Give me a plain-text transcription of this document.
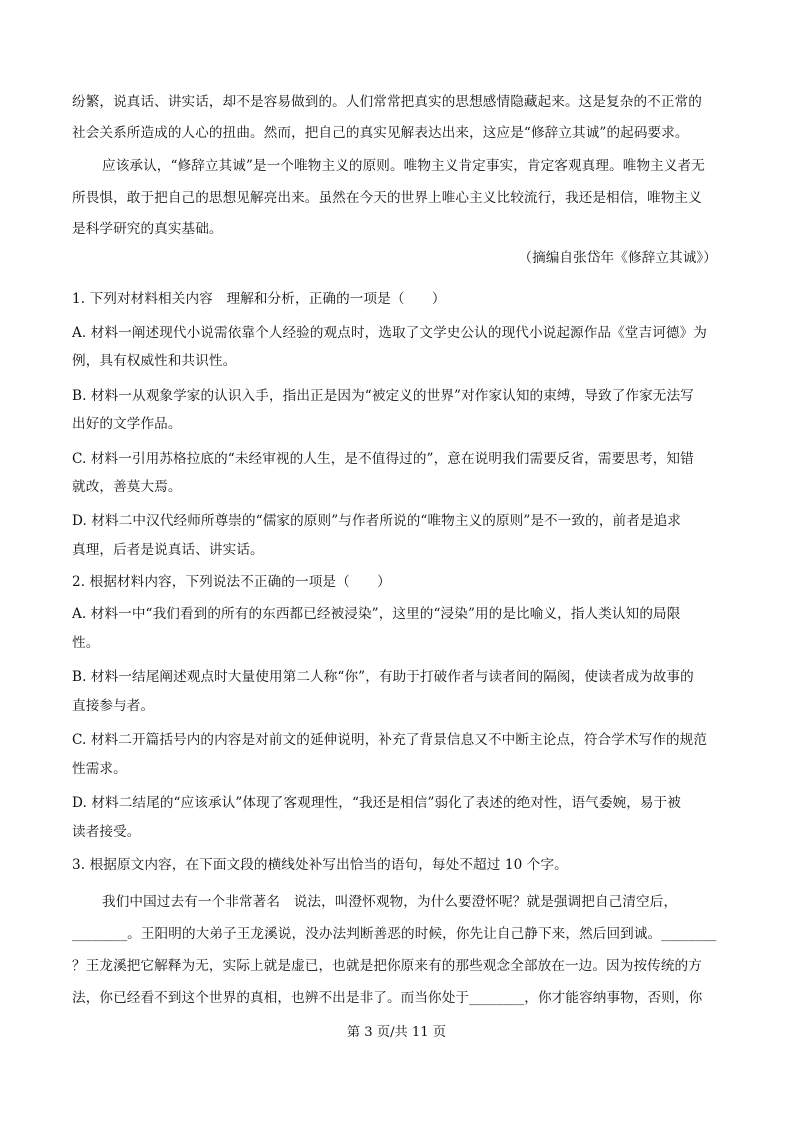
纷繁，说真话、讲实话，却不是容易做到的。人们常常把真实的思想感情隐藏起来。这是复杂的不正常的
社会关系所造成的人心的扭曲。然而，把自己的真实见解表达出来，这应是“修辞立其诚”的起码要求。
应该承认，“修辞立其诚”是一个唯物主义的原则。唯物主义肯定事实，肯定客观真理。唯物主义者无
所畏惧，敢于把自己的思想见解亮出来。虽然在今天的世界上唯心主义比较流行，我还是相信，唯物主义
是科学研究的真实基础。
（摘编自张岱年《修辞立其诚》）
1. 下列对材料相关内容　理解和分析，正确的一项是（　　）
A. 材料一阐述现代小说需依靠个人经验的观点时，选取了文学史公认的现代小说起源作品《堂吉诃德》为
例，具有权威性和共识性。
B. 材料一从观象学家的认识入手，指出正是因为“被定义的世界”对作家认知的束缚，导致了作家无法写
出好的文学作品。
C. 材料一引用苏格拉底的“未经审视的人生，是不值得过的”，意在说明我们需要反省，需要思考，知错
就改，善莫大焉。
D. 材料二中汉代经师所尊崇的“儒家的原则”与作者所说的“唯物主义的原则”是不一致的，前者是追求
真理，后者是说真话、讲实话。
2. 根据材料内容，下列说法不正确的一项是（　　）
A. 材料一中“我们看到的所有的东西都已经被浸染”，这里的“浸染”用的是比喻义，指人类认知的局限
性。
B. 材料一结尾阐述观点时大量使用第二人称“你”，有助于打破作者与读者间的隔阂，使读者成为故事的
直接参与者。
C. 材料二开篇括号内的内容是对前文的延伸说明，补充了背景信息又不中断主论点，符合学术写作的规范
性需求。
D. 材料二结尾的“应该承认”体现了客观理性，“我还是相信”弱化了表述的绝对性，语气委婉，易于被
读者接受。
3. 根据原文内容，在下面文段的横线处补写出恰当的语句，每处不超过 10 个字。
我们中国过去有一个非常著名　说法，叫澄怀观物，为什么要澄怀呢？就是强调把自己清空后，
________。王阳明的大弟子王龙溪说，没办法判断善恶的时候，你先让自己静下来，然后回到诚。________
？王龙溪把它解释为无，实际上就是虚已，也就是把你原来有的那些观念全部放在一边。因为按传统的方
法，你已经看不到这个世界的真相，也辨不出是非了。而当你处于________，你才能容纳事物，否则，你
第 3 页/共 11 页
